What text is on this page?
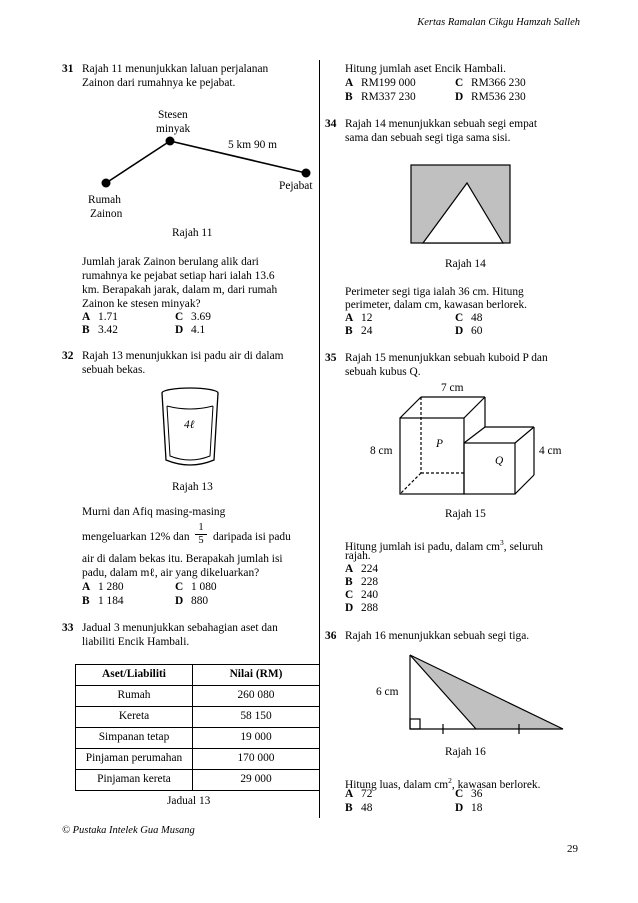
Kertas Ramalan Cikgu Hamzah Salleh
31 Rajah 11 menunjukkan laluan perjalanan
Zainon dari rumahnya ke pejabat.
Stesen
minyak
5 km 90 m
Pejabat
Rumah
Zainon
Rajah 11
Jumlah jarak Zainon berulang alik dari
rumahnya ke pejabat setiap hari ialah 13.6
km. Berapakah jarak, dalam m, dari rumah
Zainon ke stesen minyak?
A 1.71	C 3.69
B 3.42	D 4.1
32 Rajah 13 menunjukkan isi padu air di dalam
sebuah bekas.
4ℓ
Rajah 13
Murni dan Afiq masing-masing
mengeluarkan 12% dan $\frac{1}{5}$ daripada isi padu
air di dalam bekas itu. Berapakah jumlah isi
padu, dalam mℓ, air yang dikeluarkan?
A 1 280	C 1 080
B 1 184	D 880
33 Jadual 3 menunjukkan sebahagian aset dan
liabiliti Encik Hambali.
Aset/Liabiliti	Nilai (RM)
Rumah	260 080
Kereta	58 150
Simpanan tetap	19 000
Pinjaman perumahan	170 000
Pinjaman kereta	29 000
Jadual 13
Hitung jumlah aset Encik Hambali.
A RM199 000	C RM366 230
B RM337 230	D RM536 230
34 Rajah 14 menunjukkan sebuah segi empat
sama dan sebuah segi tiga sama sisi.
Rajah 14
Perimeter segi tiga ialah 36 cm. Hitung
perimeter, dalam cm, kawasan berlorek.
A 12	C 48
B 24	D 60
35 Rajah 15 menunjukkan sebuah kuboid P dan
sebuah kubus Q.
7 cm
8 cm	4 cm
P
Q
Rajah 15
Hitung jumlah isi padu, dalam $cm^3$, seluruh
rajah.
A 224
B 228
C 240
D 288
36 Rajah 16 menunjukkan sebuah segi tiga.
6 cm
Rajah 16
Hitung luas, dalam $cm^2$, kawasan berlorek.
A 72	C 36
B 48	D 18
© Pustaka Intelek Gua Musang
29
